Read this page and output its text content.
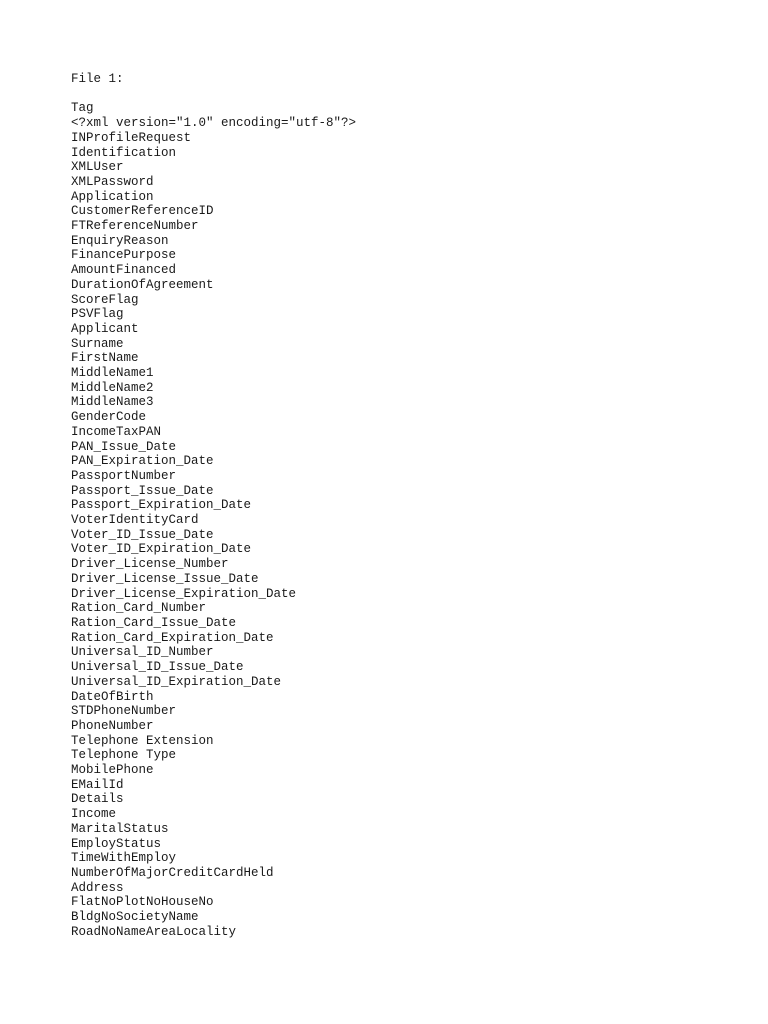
File 1:

Tag

<?xml version="1.0" encoding="utf-8"?>
INProfileRequest
Identification
XMLUser
XMLPassword
Application
CustomerReferenceID
FTReferenceNumber
EnquiryReason
FinancePurpose
AmountFinanced
DurationOfAgreement
ScoreFlag
PSVFlag
Applicant
Surname
FirstName
MiddleName1
MiddleName2
MiddleName3
GenderCode
IncomeTaxPAN
PAN_Issue_Date
PAN_Expiration_Date
PassportNumber
Passport_Issue_Date
Passport_Expiration_Date
VoterIdentityCard
Voter_ID_Issue_Date
Voter_ID_Expiration_Date
Driver_License_Number
Driver_License_Issue_Date
Driver_License_Expiration_Date
Ration_Card_Number
Ration_Card_Issue_Date
Ration_Card_Expiration_Date
Universal_ID_Number
Universal_ID_Issue_Date
Universal_ID_Expiration_Date
DateOfBirth
STDPhoneNumber
PhoneNumber
Telephone Extension
Telephone Type
MobilePhone
EMailId
Details
Income
MaritalStatus
EmployStatus
TimeWithEmploy
NumberOfMajorCreditCardHeld
Address
FlatNoPlotNoHouseNo
BldgNoSocietyName
RoadNoNameAreaLocality
